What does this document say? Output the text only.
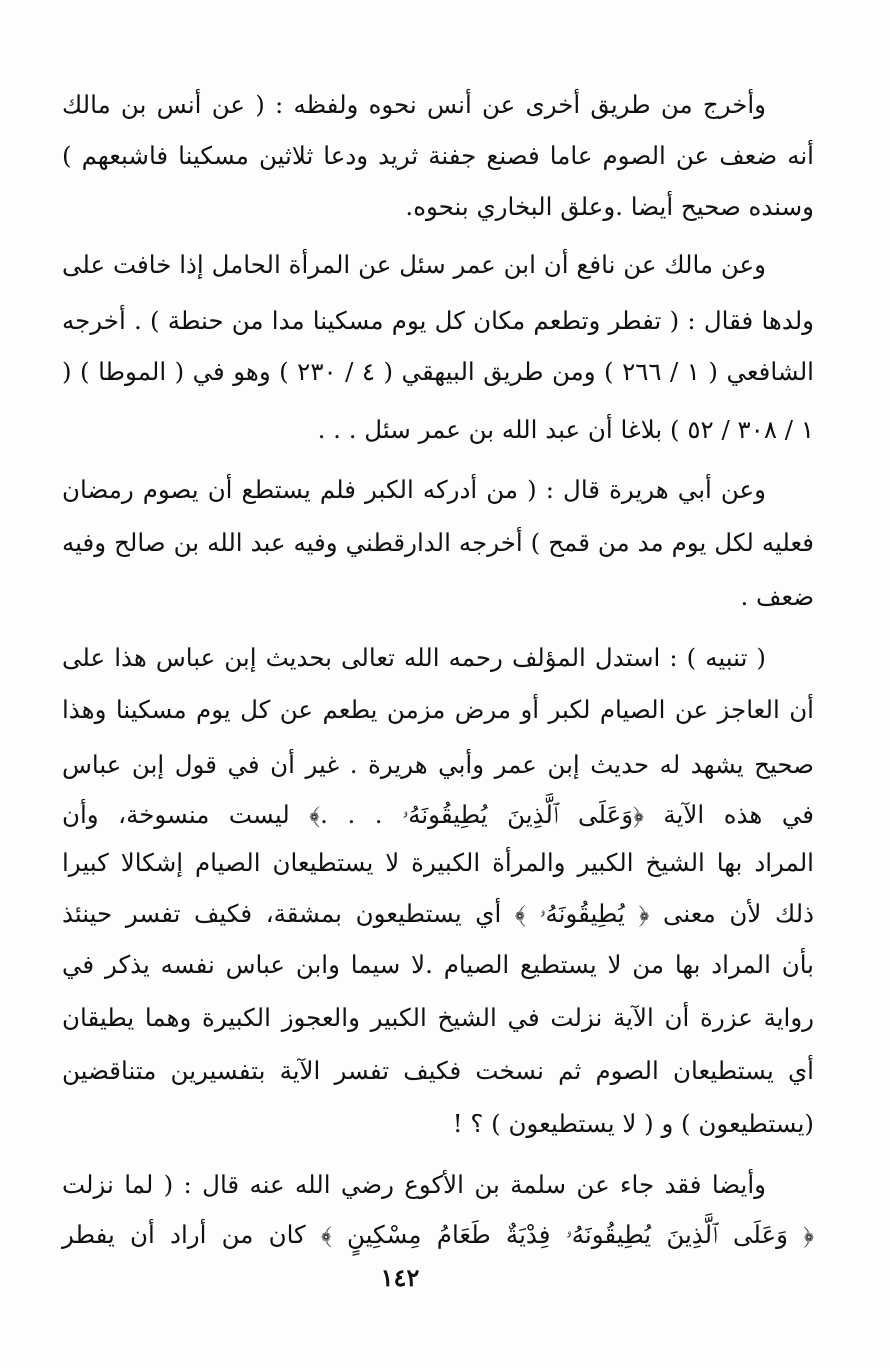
وأخرج من طريق أخرى عن أنس نحوه ولفظه : ( عن أنس بن مالك
أنه ضعف عن الصوم عاما فصنع جفنة ثريد ودعا ثلاثين مسكينا فاشبعهم )
وسنده صحيح أيضا .وعلق البخاري بنحوه.
وعن مالك عن نافع أن ابن عمر سئل عن المرأة الحامل إذا خافت على
ولدها فقال : ( تفطر وتطعم مكان كل يوم مسكينا مدا من حنطة ) . أخرجه
الشافعي ( ١ / ٢٦٦ ) ومن طريق البيهقي ( ٤ / ٢٣٠ ) وهو في ( الموطا ) (
١ / ٣٠٨ / ٥٢ ) بلاغا أن عبد الله بن عمر سئل . . .
وعن أبي هريرة قال : ( من أدركه الكبر فلم يستطع أن يصوم رمضان
فعليه لكل يوم مد من قمح ) أخرجه الدارقطني وفيه عبد الله بن صالح وفيه
ضعف .
( تنبيه ) : استدل المؤلف رحمه الله تعالى بحديث إبن عباس هذا على
أن العاجز عن الصيام لكبر أو مرض مزمن يطعم عن كل يوم مسكينا وهذا
صحيح يشهد له حديث إبن عمر وأبي هريرة . غير أن في قول إبن عباس
في هذه الآية ﴿وَعَلَى ٱلَّذِينَ يُطِيقُونَهُۥ . . .﴾ ليست منسوخة، وأن
المراد بها الشيخ الكبير والمرأة الكبيرة لا يستطيعان الصيام إشكالا كبيرا
ذلك لأن معنى ﴿ يُطِيقُونَهُۥ ﴾ أي يستطيعون بمشقة، فكيف تفسر حينئذ
بأن المراد بها من لا يستطيع الصيام .لا سيما وابن عباس نفسه يذكر في
رواية عزرة أن الآية نزلت في الشيخ الكبير والعجوز الكبيرة وهما يطيقان
أي يستطيعان الصوم ثم نسخت فكيف تفسر الآية بتفسيرين متناقضين
(يستطيعون ) و ( لا يستطيعون ) ؟ !
وأيضا فقد جاء عن سلمة بن الأكوع رضي الله عنه قال : ( لما نزلت
﴿ وَعَلَى ٱلَّذِينَ يُطِيقُونَهُۥ فِدْيَةٌ طَعَامُ مِسْكِينٍ ﴾ كان من أراد أن يفطر
١٤٢
